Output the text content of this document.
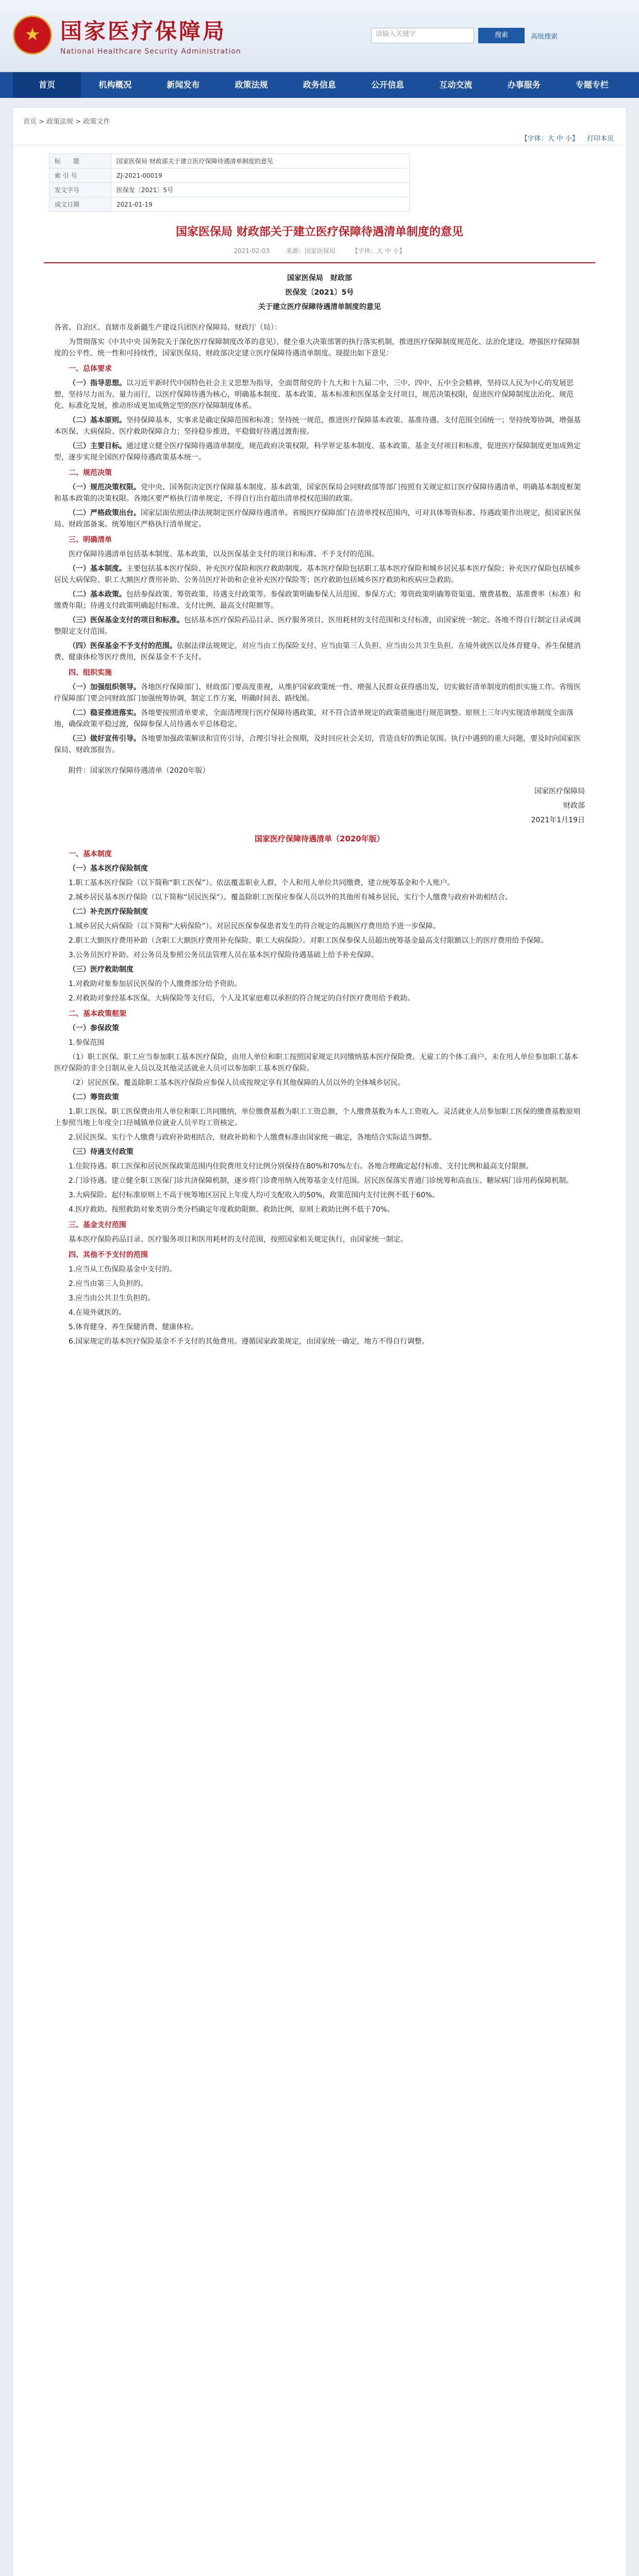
★
国家医疗保障局
National Healthcare Security Administration
请输入关键字	搜索	高级搜索
首页	机构概况	新闻发布	政策法规	政务信息	公开信息	互动交流	办事服务	专题专栏
首页 > 政策法规 > 政策文件
【字体：大 中 小】 打印本页
标　　题	国家医保局 财政部关于建立医疗保障待遇清单制度的意见
索 引 号	ZJ-2021-00019
发文字号	医保发〔2021〕5号
成文日期	2021-01-19
国家医保局 财政部关于建立医疗保障待遇清单制度的意见
2021-02-03	来源：国家医保局	【字体：大 中 小】

国家医保局　财政部

医保发〔2021〕5号

关于建立医疗保障待遇清单制度的意见

各省、自治区、直辖市及新疆生产建设兵团医疗保障局、财政厅（局）：

为贯彻落实《中共中央 国务院关于深化医疗保障制度改革的意见》，健全重大决策部署的执行落实机制，推进医疗保障制度规范化、法治化建设，增强医疗保障制度的公平性、统一性和可持续性，国家医保局、财政部决定建立医疗保障待遇清单制度。现提出如下意见：

一、总体要求

（一）指导思想。以习近平新时代中国特色社会主义思想为指导，全面贯彻党的十九大和十九届二中、三中、四中、五中全会精神，坚持以人民为中心的发展思想，坚持尽力而为、量力而行，以医疗保障待遇为核心，明确基本制度、基本政策、基本标准和医保基金支付项目，规范决策权限，促进医疗保障制度法治化、规范化、标准化发展，推动形成更加成熟定型的医疗保障制度体系。

（二）基本原则。坚持保障基本，实事求是确定保障范围和标准；坚持统一规范，推进医疗保障基本政策、基准待遇、支付范围全国统一；坚持统筹协调，增强基本医保、大病保险、医疗救助保障合力；坚持稳步推进，平稳做好待遇过渡衔接。

（三）主要目标。通过建立健全医疗保障待遇清单制度，规范政府决策权限，科学界定基本制度、基本政策、基金支付项目和标准，促进医疗保障制度更加成熟定型，逐步实现全国医疗保障待遇政策基本统一。

二、规范决策

（一）规范决策权限。党中央、国务院决定医疗保障基本制度、基本政策，国家医保局会同财政部等部门按照有关规定拟订医疗保障待遇清单，明确基本制度框架和基本政策的决策权限。各地区要严格执行清单规定，不得自行出台超出清单授权范围的政策。

（二）严格政策出台。国家层面依照法律法规制定医疗保障待遇清单。省级医疗保障部门在清单授权范围内，可对具体筹资标准、待遇政策作出规定，报国家医保局、财政部备案。统筹地区严格执行清单规定。

三、明确清单

医疗保障待遇清单包括基本制度、基本政策，以及医保基金支付的项目和标准、不予支付的范围。

（一）基本制度。主要包括基本医疗保险、补充医疗保险和医疗救助制度。基本医疗保险包括职工基本医疗保险和城乡居民基本医疗保险；补充医疗保险包括城乡居民大病保险、职工大额医疗费用补助、公务员医疗补助和企业补充医疗保险等；医疗救助包括城乡医疗救助和疾病应急救助。

（二）基本政策。包括参保政策、筹资政策、待遇支付政策等。参保政策明确参保人员范围、参保方式；筹资政策明确筹资渠道、缴费基数、基准费率（标准）和缴费年限；待遇支付政策明确起付标准、支付比例、最高支付限额等。

（三）医保基金支付的项目和标准。包括基本医疗保险药品目录、医疗服务项目、医用耗材的支付范围和支付标准，由国家统一制定。各地不得自行制定目录或调整限定支付范围。

（四）医保基金不予支付的范围。依据法律法规规定，对应当由工伤保险支付、应当由第三人负担、应当由公共卫生负担、在境外就医以及体育健身、养生保健消费、健康体检等医疗费用，医保基金不予支付。

四、组织实施

（一）加强组织领导。各地医疗保障部门、财政部门要高度重视，从维护国家政策统一性、增强人民群众获得感出发，切实做好清单制度的组织实施工作。省级医疗保障部门要会同财政部门加强统筹协调，制定工作方案，明确时间表、路线图。

（二）稳妥推进落实。各地要按照清单要求，全面清理现行医疗保障待遇政策，对不符合清单规定的政策措施进行规范调整。原则上三年内实现清单制度全面落地，确保政策平稳过渡，保障参保人员待遇水平总体稳定。

（三）做好宣传引导。各地要加强政策解读和宣传引导，合理引导社会预期，及时回应社会关切，营造良好的舆论氛围。执行中遇到的重大问题，要及时向国家医保局、财政部报告。

附件：国家医疗保障待遇清单（2020年版）

国家医疗保障局

财政部

2021年1月19日

国家医疗保障待遇清单（2020年版）
一、基本制度
（一）基本医疗保险制度

1.职工基本医疗保险（以下简称“职工医保”）。依法覆盖职业人群，个人和用人单位共同缴费，建立统筹基金和个人账户。

2.城乡居民基本医疗保险（以下简称“居民医保”）。覆盖除职工医保应参保人员以外的其他所有城乡居民，实行个人缴费与政府补助相结合。

（二）补充医疗保险制度

1.城乡居民大病保险（以下简称“大病保险”）。对居民医保参保患者发生的符合规定的高额医疗费用给予进一步保障。

2.职工大额医疗费用补助（含职工大额医疗费用补充保险、职工大病保险）。对职工医保参保人员超出统筹基金最高支付限额以上的医疗费用给予保障。

3.公务员医疗补助。对公务员及参照公务员法管理人员在基本医疗保险待遇基础上给予补充保障。

（三）医疗救助制度

1.对救助对象参加居民医保的个人缴费部分给予资助。

2.对救助对象经基本医保、大病保险等支付后，个人及其家庭难以承担的符合规定的自付医疗费用给予救助。

二、基本政策框架
（一）参保政策

1.参保范围

（1）职工医保。职工应当参加职工基本医疗保险，由用人单位和职工按照国家规定共同缴纳基本医疗保险费。无雇工的个体工商户、未在用人单位参加职工基本医疗保险的非全日制从业人员以及其他灵活就业人员可以参加职工基本医疗保险。

（2）居民医保。覆盖除职工基本医疗保险应参保人员或按规定享有其他保障的人员以外的全体城乡居民。

（二）筹资政策

1.职工医保。职工医保费由用人单位和职工共同缴纳，单位缴费基数为职工工资总额，个人缴费基数为本人工资收入。灵活就业人员参加职工医保的缴费基数原则上参照当地上年度全口径城镇单位就业人员平均工资核定。

2.居民医保。实行个人缴费与政府补助相结合，财政补助和个人缴费标准由国家统一确定，各地结合实际适当调整。

（三）待遇支付政策

1.住院待遇。职工医保和居民医保政策范围内住院费用支付比例分别保持在80%和70%左右。各地合理确定起付标准、支付比例和最高支付限额。

2.门诊待遇。建立健全职工医保门诊共济保障机制，逐步将门诊费用纳入统筹基金支付范围。居民医保落实普通门诊统筹和高血压、糖尿病门诊用药保障机制。

3.大病保险。起付标准原则上不高于统筹地区居民上年度人均可支配收入的50%，政策范围内支付比例不低于60%。

4.医疗救助。按照救助对象类别分类分档确定年度救助限额、救助比例，原则上救助比例不低于70%。

三、基金支付范围

基本医疗保险药品目录、医疗服务项目和医用耗材的支付范围，按照国家相关规定执行，由国家统一制定。

四、其他不予支付的范围

1.应当从工伤保险基金中支付的。

2.应当由第三人负担的。

3.应当由公共卫生负担的。

4.在境外就医的。

5.体育健身、养生保健消费、健康体检。

6.国家规定的基本医疗保险基金不予支付的其他费用。遵循国家政策规定，由国家统一确定，地方不得自行调整。
